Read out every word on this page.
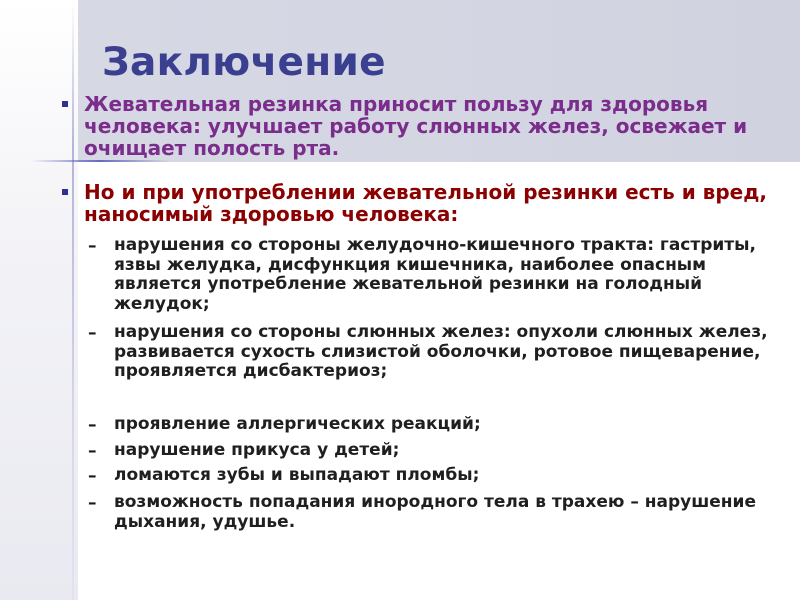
Заключение

Жевательная резинка приносит пользу для здоровья человека: улучшает работу слюнных желез, освежает и очищает полость рта.

Но и при употреблении жевательной резинки есть и вред, наносимый здоровью человека:

– нарушения со стороны желудочно-кишечного тракта: гастриты, язвы желудка, дисфункция кишечника, наиболее опасным является употребление жевательной резинки на голодный желудок;
– нарушения со стороны слюнных желез: опухоли слюнных желез, развивается сухость слизистой оболочки, ротовое пищеварение, проявляется дисбактериоз;
– проявление аллергических реакций;
– нарушение прикуса у детей;
– ломаются зубы и выпадают пломбы;
– возможность попадания инородного тела в трахею – нарушение дыхания, удушье.
